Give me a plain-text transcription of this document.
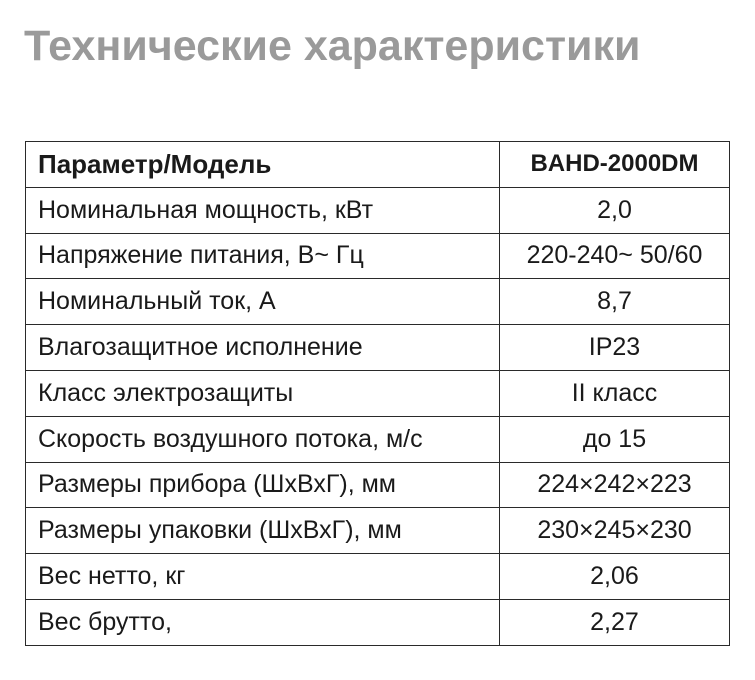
Технические характеристики
Параметр/Модель	BAHD-2000DM
Номинальная мощность, кВт	2,0
Напряжение питания, В~ Гц	220-240~ 50/60
Номинальный ток, А	8,7
Влагозащитное исполнение	IP23
Класс электрозащиты	II класс
Скорость воздушного потока, м/с	до 15
Размеры прибора (ШхВхГ), мм	224×242×223
Размеры упаковки (ШхВхГ), мм	230×245×230
Вес нетто, кг	2,06
Вес брутто,	2,27
